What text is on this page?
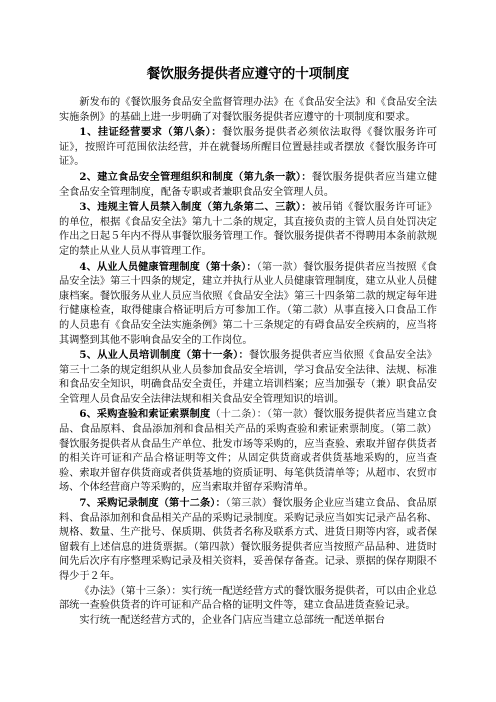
餐饮服务提供者应遵守的十项制度

新发布的《餐饮服务食品安全监督管理办法》在《食品安全法》和《食品安全法实施条例》的基础上进一步明确了对餐饮服务提供者应遵守的十项制度和要求。

1、挂证经营要求（第八条）：餐饮服务提供者必须依法取得《餐饮服务许可证》，按照许可范围依法经营，并在就餐场所醒目位置悬挂或者摆放《餐饮服务许可证》。

2、建立食品安全管理组织和制度（第九条一款）：餐饮服务提供者应当建立健全食品安全管理制度，配备专职或者兼职食品安全管理人员。

3、违规主管人员禁入制度（第九条第二、三款）：被吊销《餐饮服务许可证》的单位，根据《食品安全法》第九十二条的规定，其直接负责的主管人员自处罚决定作出之日起５年内不得从事餐饮服务管理工作。餐饮服务提供者不得聘用本条前款规定的禁止从业人员从事管理工作。

4、从业人员健康管理制度（第十条）：（第一款）餐饮服务提供者应当按照《食品安全法》第三十四条的规定，建立并执行从业人员健康管理制度，建立从业人员健康档案。餐饮服务从业人员应当依照《食品安全法》第三十四条第二款的规定每年进行健康检查，取得健康合格证明后方可参加工作。（第二款）从事直接入口食品工作的人员患有《食品安全法实施条例》第二十三条规定的有碍食品安全疾病的，应当将其调整到其他不影响食品安全的工作岗位。

5、从业人员培训制度（第十一条）：餐饮服务提供者应当依照《食品安全法》第三十二条的规定组织从业人员参加食品安全培训，学习食品安全法律、法规、标准和食品安全知识，明确食品安全责任，并建立培训档案；应当加强专（兼）职食品安全管理人员食品安全法律法规和相关食品安全管理知识的培训。

6、采购查验和索证索票制度（十二条）：（第一款）餐饮服务提供者应当建立食品、食品原料、食品添加剂和食品相关产品的采购查验和索证索票制度。（第二款）餐饮服务提供者从食品生产单位、批发市场等采购的，应当查验、索取并留存供货者的相关许可证和产品合格证明等文件；从固定供货商或者供货基地采购的，应当查验、索取并留存供货商或者供货基地的资质证明、每笔供货清单等；从超市、农贸市场、个体经营商户等采购的，应当索取并留存采购清单。

7、采购记录制度（第十二条）：（第三款）餐饮服务企业应当建立食品、食品原料、食品添加剂和食品相关产品的采购记录制度。采购记录应当如实记录产品名称、规格、数量、生产批号、保质期、供货者名称及联系方式、进货日期等内容，或者保留载有上述信息的进货票据。（第四款）餐饮服务提供者应当按照产品品种、进货时间先后次序有序整理采购记录及相关资料，妥善保存备查。记录、票据的保存期限不得少于２年。

《办法》（第十三条）：实行统一配送经营方式的餐饮服务提供者，可以由企业总部统一查验供货者的许可证和产品合格的证明文件等，建立食品进货查验记录。

实行统一配送经营方式的，企业各门店应当建立总部统一配送单据台
